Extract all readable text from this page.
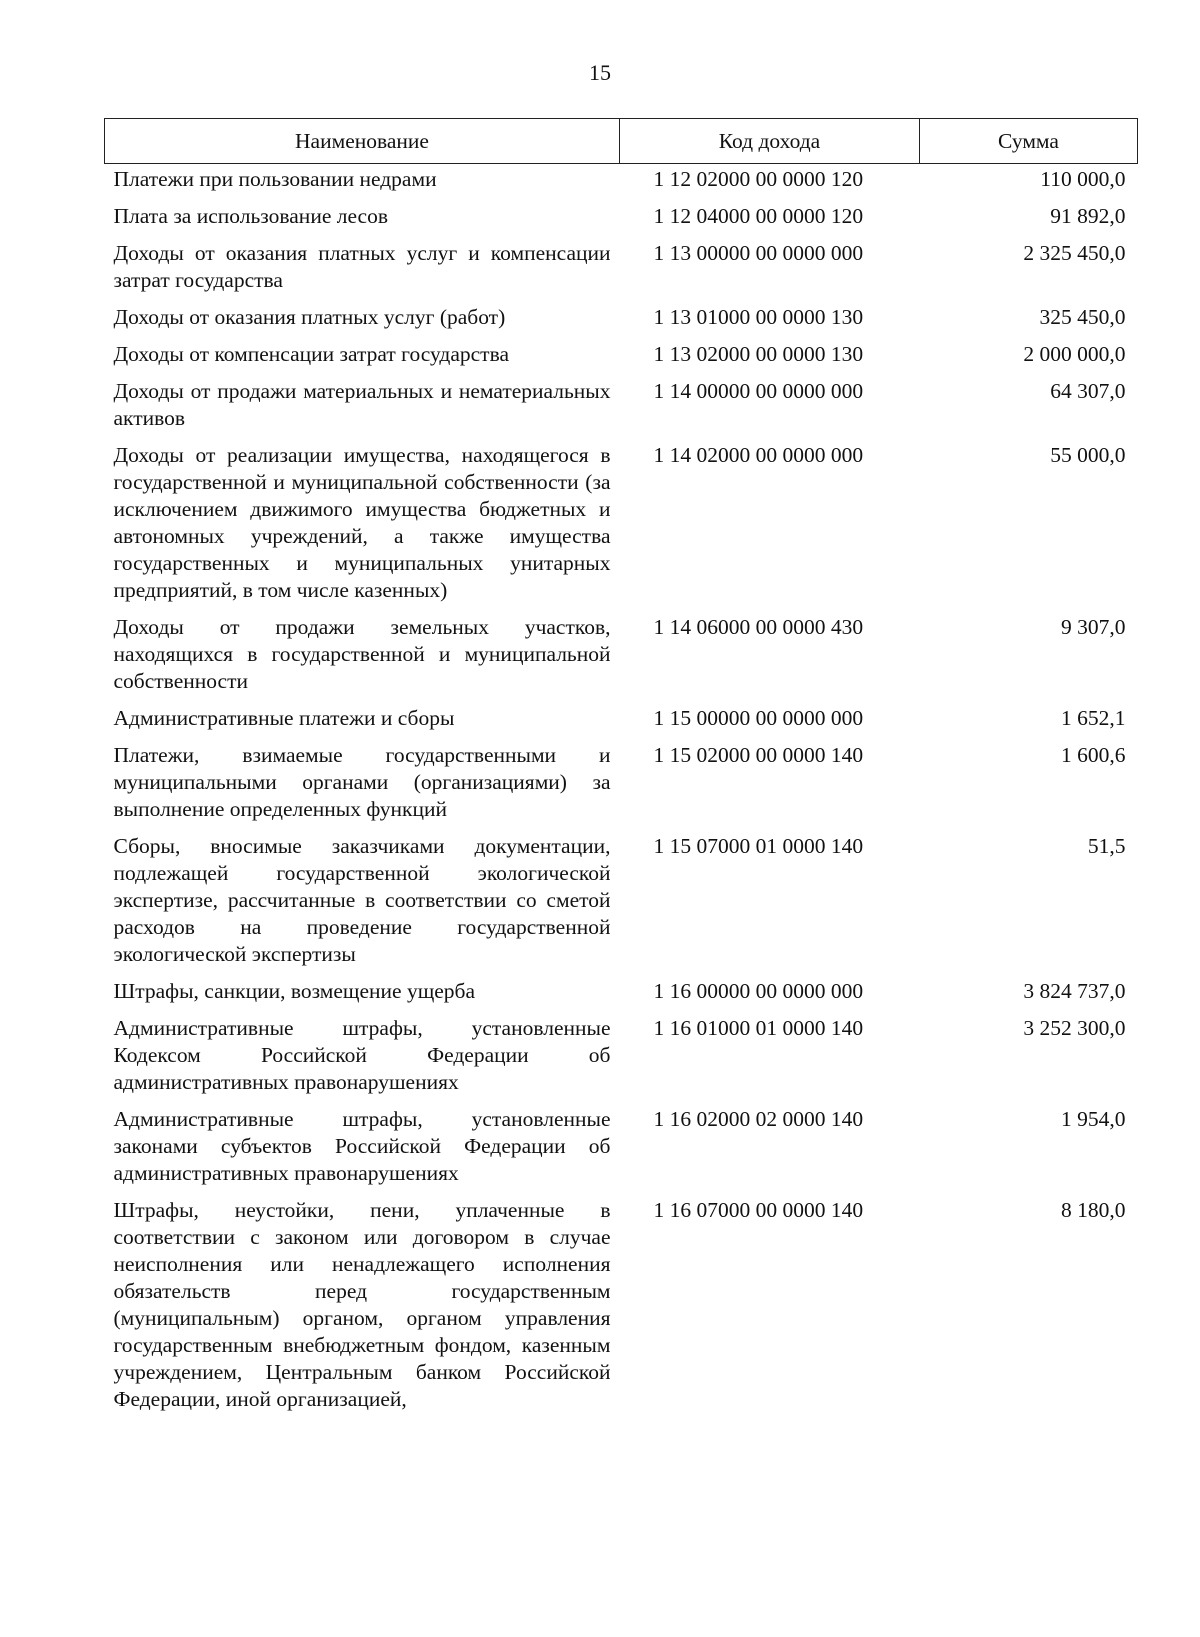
15
Наименование	Код дохода	Сумма
Платежи при пользовании недрами	1 12 02000 00 0000 120	110 000,0
Плата за использование лесов	1 12 04000 00 0000 120	91 892,0
Доходы от оказания платных услуг и компенсации затрат государства	1 13 00000 00 0000 000	2 325 450,0
Доходы от оказания платных услуг (работ)	1 13 01000 00 0000 130	325 450,0
Доходы от компенсации затрат государства	1 13 02000 00 0000 130	2 000 000,0
Доходы от продажи материальных и нематериальных активов	1 14 00000 00 0000 000	64 307,0
Доходы от реализации имущества, находящегося в государственной и муниципальной собственности (за исключением движимого имущества бюджетных и автономных учреждений, а также имущества государственных и муниципальных унитарных предприятий, в том числе казенных)	1 14 02000 00 0000 000	55 000,0
Доходы от продажи земельных участков, находящихся в государственной и муниципальной собственности	1 14 06000 00 0000 430	9 307,0
Административные платежи и сборы	1 15 00000 00 0000 000	1 652,1
Платежи, взимаемые государственными и муниципальными органами (организациями) за выполнение определенных функций	1 15 02000 00 0000 140	1 600,6
Сборы, вносимые заказчиками документации, подлежащей государственной экологической экспертизе, рассчитанные в соответствии со сметой расходов на проведение государственной экологической экспертизы	1 15 07000 01 0000 140	51,5
Штрафы, санкции, возмещение ущерба	1 16 00000 00 0000 000	3 824 737,0
Административные штрафы, установленные Кодексом Российской Федерации об административных правонарушениях	1 16 01000 01 0000 140	3 252 300,0
Административные штрафы, установленные законами субъектов Российской Федерации об административных правонарушениях	1 16 02000 02 0000 140	1 954,0
Штрафы, неустойки, пени, уплаченные в соответствии с законом или договором в случае неисполнения или ненадлежащего исполнения обязательств перед государственным (муниципальным) органом, органом управления государственным внебюджетным фондом, казенным учреждением, Центральным банком Российской Федерации, иной организацией,	1 16 07000 00 0000 140	8 180,0
